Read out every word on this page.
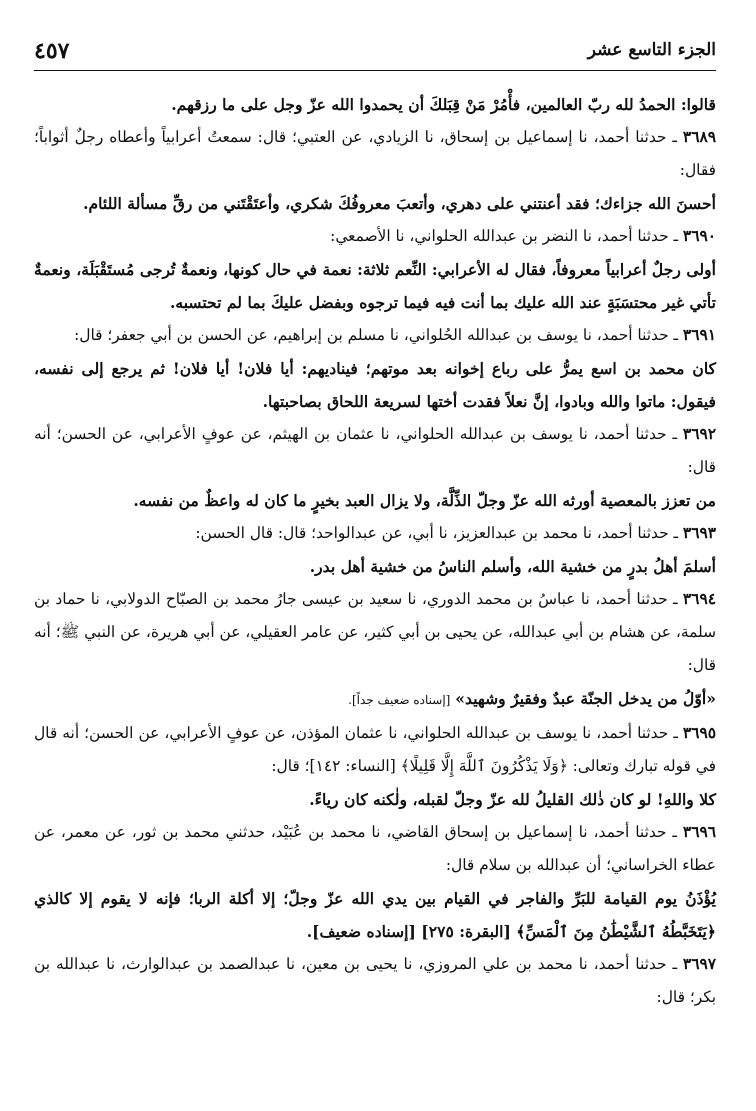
الجزء التاسع عشر
٤٥٧

قالوا: الحمدُ لله ربّ العالمين، فأْمُرْ مَنْ قِبَلكَ أن يحمدوا الله عزّ وجل على ما رزقهم.

٣٦٨٩ ـ حدثنا أحمد، نا إسماعيل بن إسحاق، نا الزيادي، عن العتبي؛ قال: سمعتُ أعرابياً وأعطاه رجلٌ أثواباً؛ فقال:

أحسنَ الله جزاءك؛ فقد أعنتني على دهري، وأتعبَ معروفُكَ شكري، وأعتَقْتَني من رقِّ مسألة اللئام.

٣٦٩٠ ـ حدثنا أحمد، نا النضر بن عبدالله الحلواني، نا الأصمعي:

أولى رجلٌ أعرابياً معروفاً، فقال له الأعرابي: النِّعم ثلاثة: نعمة في حال كونها، ونعمةٌ تُرجى مُستَقْبَلَة، ونعمةٌ تأتي غير محتسَبَةٍ عند الله عليك بما أنت فيه فيما ترجوه وبفضل عليكَ بما لم تحتسبه.

٣٦٩١ ـ حدثنا أحمد، نا يوسف بن عبدالله الحُلواني، نا مسلم بن إبراهيم، عن الحسن بن أبي جعفر؛ قال:

كان محمد بن اسع يمرُّ على رباع إخوانه بعد موتهم؛ فيناديهم: أيا فلان! أيا فلان! ثم يرجع إلى نفسه، فيقول: ماتوا والله وبادوا، إنَّ نعلاً فقدت أختها لسريعة اللحاق بصاحبتها.

٣٦٩٢ ـ حدثنا أحمد، نا يوسف بن عبدالله الحلواني، نا عثمان بن الهيثم، عن عوفٍ الأعرابي، عن الحسن؛ أنه قال:

من تعزز بالمعصية أورثه الله عزّ وجلّ الذِّلَّة، ولا يزال العبد بخيرٍ ما كان له واعظٌ من نفسه.

٣٦٩٣ ـ حدثنا أحمد، نا محمد بن عبدالعزيز، نا أبي، عن عبدالواحد؛ قال: قال الحسن:

أسلمَ أهلُ بدرٍ من خشية الله، وأسلم الناسُ من خشية أهل بدر.

٣٦٩٤ ـ حدثنا أحمد، نا عباسُ بن محمد الدوري، نا سعيد بن عيسى جارُ محمد بن الصبّاح الدولابي، نا حماد بن سلمة، عن هشام بن أبي عبدالله، عن يحيى بن أبي كثير، عن عامر العقيلي، عن أبي هريرة، عن النبي ﷺ؛ أنه قال:

«أوّلُ من يدخل الجنّة عبدٌ وفقيرٌ وشهيد» [إسناده ضعيف جداً].

٣٦٩٥ ـ حدثنا أحمد، نا يوسف بن عبدالله الحلواني، نا عثمان المؤذن، عن عوفٍ الأعرابي، عن الحسن؛ أنه قال في قوله تبارك وتعالى: ﴿وَلَا يَذْكُرُونَ ٱللَّهَ إِلَّا قَلِيلًا﴾ [النساء: ١٤٢]؛ قال:

كلا واللهِ! لو كان ذٰلك القليلُ لله عزّ وجلّ لقبله، ولٰكنه كان رياءً.

٣٦٩٦ ـ حدثنا أحمد، نا إسماعيل بن إسحاق القاضي، نا محمد بن عُبَيْد، حدثني محمد بن ثور، عن معمر، عن عطاء الخراساني؛ أن عبدالله بن سلام قال:

يُؤْذَنُ يوم القيامة للبَرِّ والفاجر في القيام بين يدي الله عزّ وجلّ؛ إلا أكلة الربا؛ فإنه لا يقوم إلا كالذي ﴿يَتَخَبَّطُهُ ٱلشَّيْطَٰنُ مِنَ ٱلْمَسِّ﴾ [البقرة: ٢٧٥] [إسناده ضعيف].

٣٦٩٧ ـ حدثنا أحمد، نا محمد بن علي المروزي، نا يحيى بن معين، نا عبدالصمد بن عبدالوارث، نا عبدالله بن بكر؛ قال:
